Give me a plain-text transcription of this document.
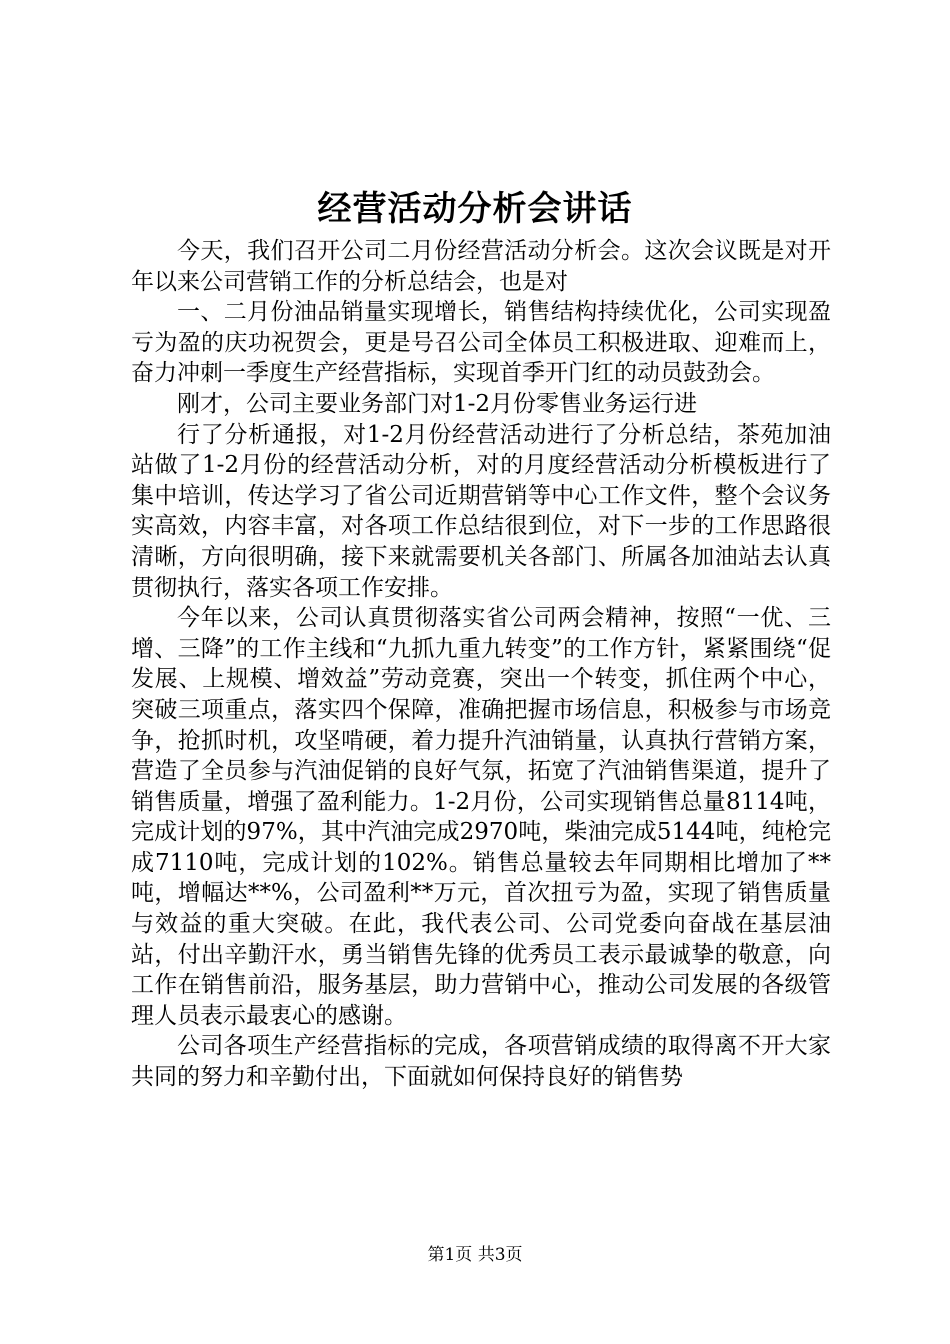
经营活动分析会讲话

今天，我们召开公司二月份经营活动分析会。这次会议既是对开年以来公司营销工作的分析总结会，也是对

一、二月份油品销量实现增长，销售结构持续优化，公司实现盈亏为盈的庆功祝贺会，更是号召公司全体员工积极进取、迎难而上，奋力冲刺一季度生产经营指标，实现首季开门红的动员鼓劲会。

刚才，公司主要业务部门对1-2月份零售业务运行进

行了分析通报，对1-2月份经营活动进行了分析总结，茶苑加油站做了1-2月份的经营活动分析，对的月度经营活动分析模板进行了集中培训，传达学习了省公司近期营销等中心工作文件，整个会议务实高效，内容丰富，对各项工作总结很到位，对下一步的工作思路很清晰，方向很明确，接下来就需要机关各部门、所属各加油站去认真贯彻执行，落实各项工作安排。

今年以来，公司认真贯彻落实省公司两会精神，按照“一优、三增、三降”的工作主线和“九抓九重九转变”的工作方针，紧紧围绕“促发展、上规模、增效益”劳动竞赛，突出一个转变，抓住两个中心，突破三项重点，落实四个保障，准确把握市场信息，积极参与市场竞争，抢抓时机，攻坚啃硬，着力提升汽油销量，认真执行营销方案，营造了全员参与汽油促销的良好气氛，拓宽了汽油销售渠道，提升了销售质量，增强了盈利能力。1-2月份，公司实现销售总量8114吨，完成计划的97%，其中汽油完成2970吨，柴油完成5144吨，纯枪完成7110吨，完成计划的102%。销售总量较去年同期相比增加了**吨，增幅达**%，公司盈利**万元，首次扭亏为盈，实现了销售质量与效益的重大突破。在此，我代表公司、公司党委向奋战在基层油站，付出辛勤汗水，勇当销售先锋的优秀员工表示最诚挚的敬意，向工作在销售前沿，服务基层，助力营销中心，推动公司发展的各级管理人员表示最衷心的感谢。

公司各项生产经营指标的完成，各项营销成绩的取得离不开大家共同的努力和辛勤付出，下面就如何保持良好的销售势

第1页 共3页
